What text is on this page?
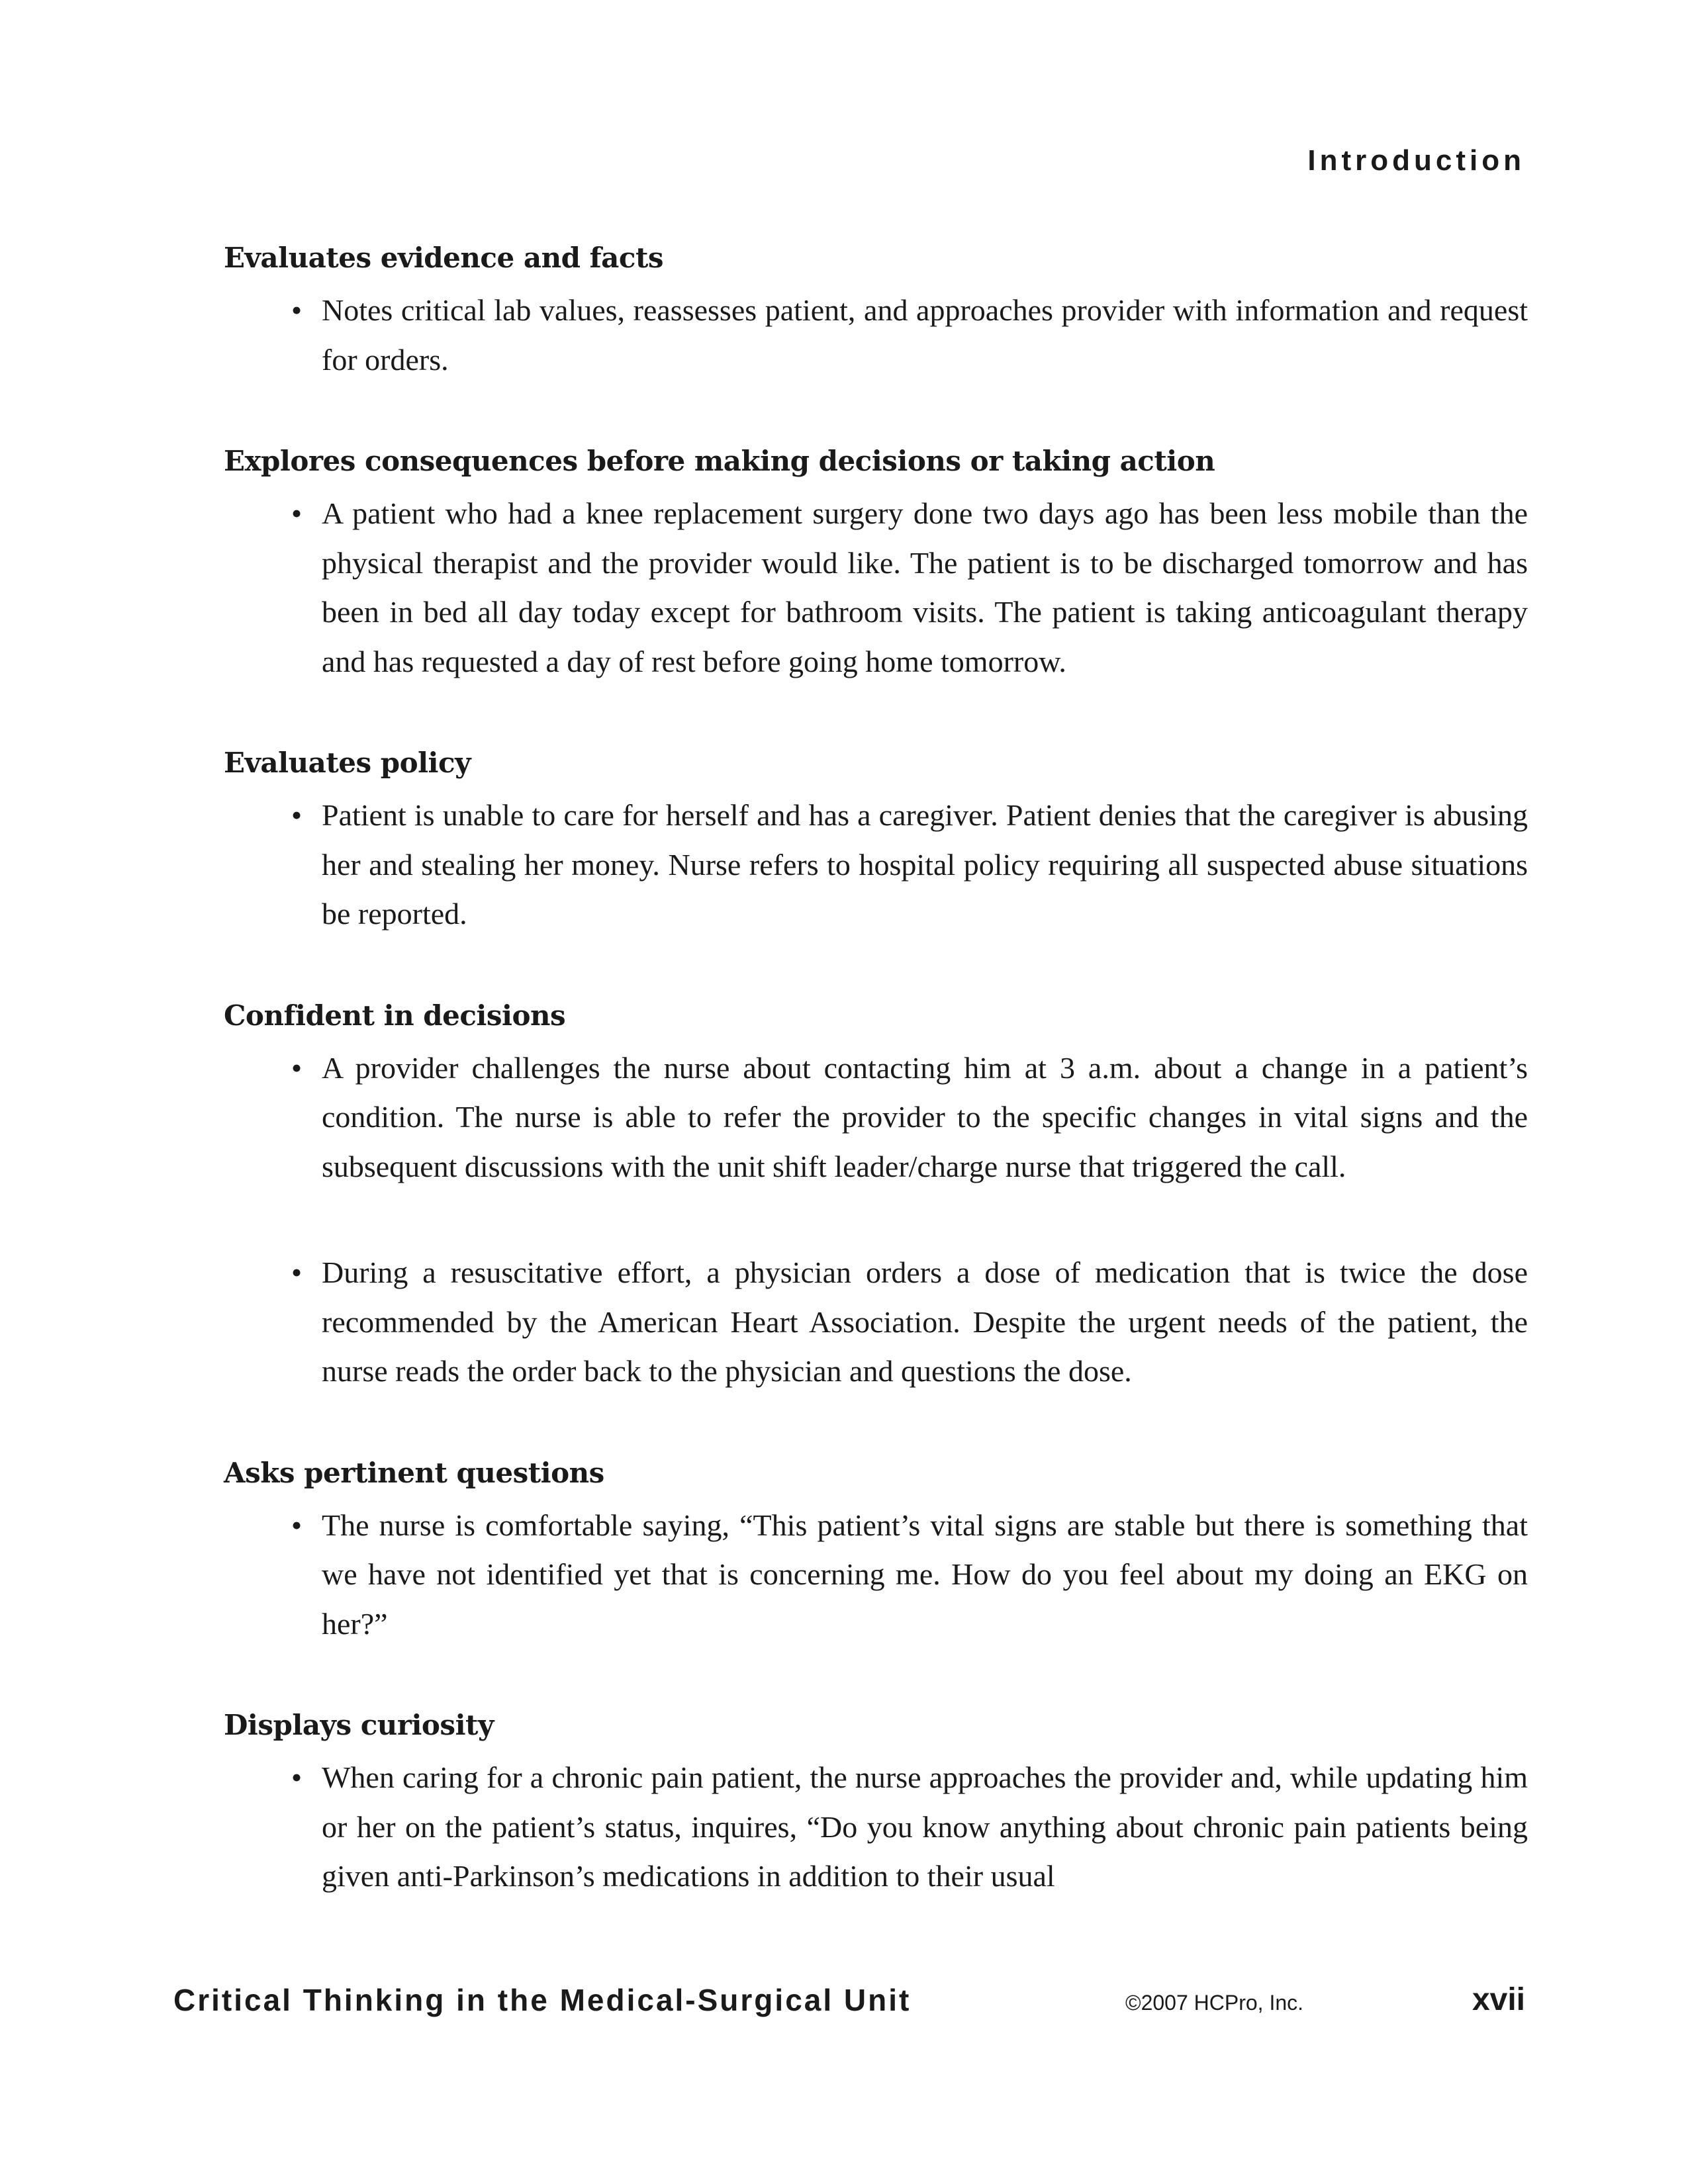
Introduction
Evaluates evidence and facts

• Notes critical lab values, reassesses patient, and approaches provider with information and request for orders.

Explores consequences before making decisions or taking action

• A patient who had a knee replacement surgery done two days ago has been less mobile than the physical therapist and the provider would like. The patient is to be discharged tomorrow and has been in bed all day today except for bathroom visits. The patient is taking anticoagulant therapy and has requested a day of rest before going home tomorrow.

Evaluates policy

• Patient is unable to care for herself and has a caregiver. Patient denies that the caregiver is abusing her and stealing her money. Nurse refers to hospital policy requiring all suspected abuse situations be reported.

Confident in decisions

• A provider challenges the nurse about contacting him at 3 a.m. about a change in a patient’s condition. The nurse is able to refer the provider to the specific changes in vital signs and the subsequent discussions with the unit shift leader/charge nurse that triggered the call.

• During a resuscitative effort, a physician orders a dose of medication that is twice the dose recommended by the American Heart Association. Despite the urgent needs of the patient, the nurse reads the order back to the physician and questions the dose.

Asks pertinent questions

• The nurse is comfortable saying, “This patient’s vital signs are stable but there is something that we have not identified yet that is concerning me. How do you feel about my doing an EKG on her?”

Displays curiosity

• When caring for a chronic pain patient, the nurse approaches the provider and, while updating him or her on the patient’s status, inquires, “Do you know anything about chronic pain patients being given anti-Parkinson’s medications in addition to their usual

Critical Thinking in the Medical-Surgical Unit	©2007 HCPro, Inc.	xvii
